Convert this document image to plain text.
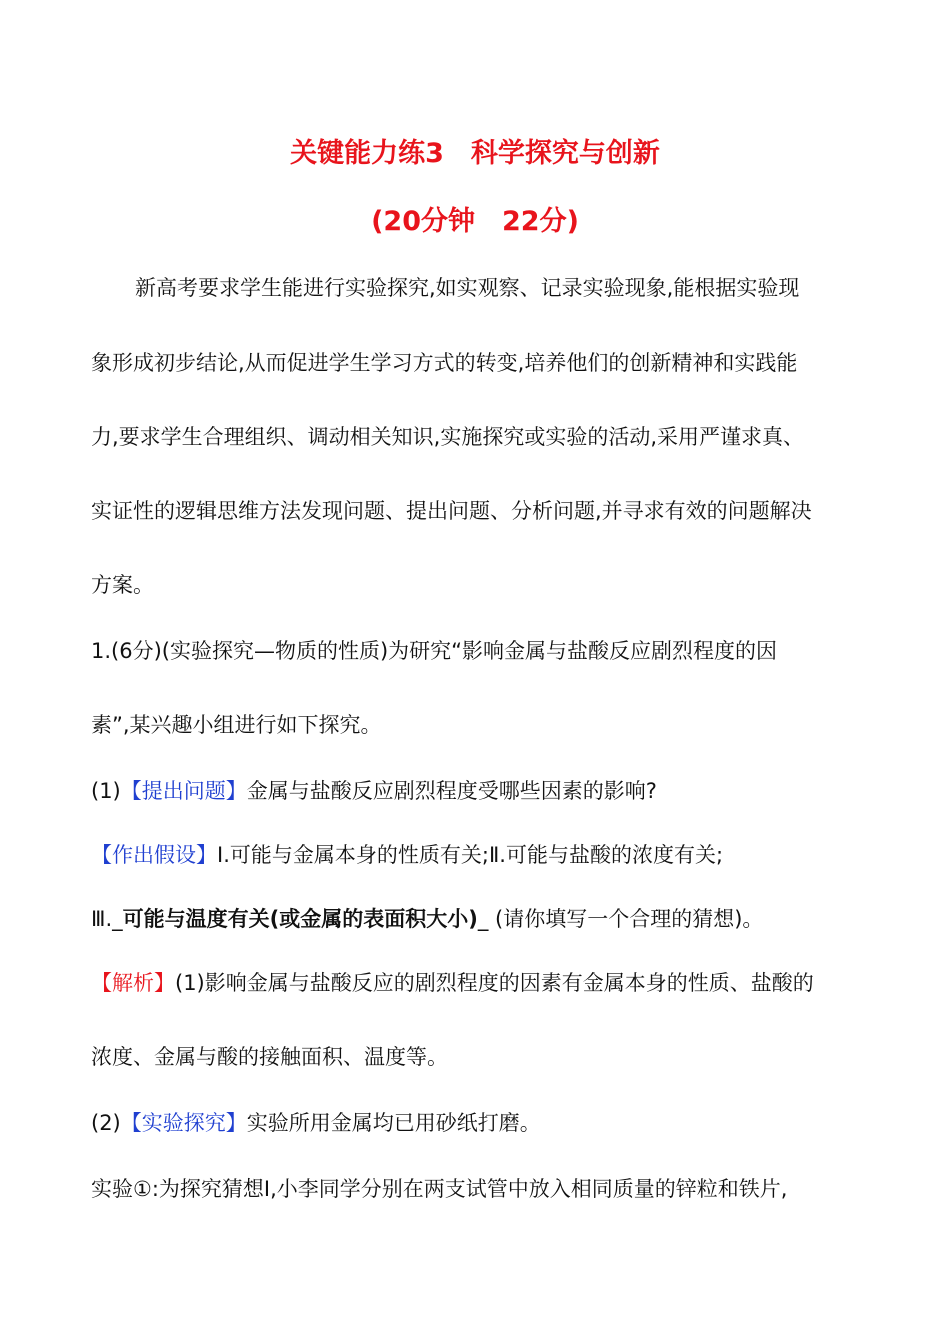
关键能力练3　科学探究与创新
(20分钟　22分)
新高考要求学生能进行实验探究,如实观察、记录实验现象,能根据实验现
象形成初步结论,从而促进学生学习方式的转变,培养他们的创新精神和实践能
力,要求学生合理组织、调动相关知识,实施探究或实验的活动,采用严谨求真、
实证性的逻辑思维方法发现问题、提出问题、分析问题,并寻求有效的问题解决
方案。
1.(6分)(实验探究—物质的性质)为研究“影响金属与盐酸反应剧烈程度的因
素”,某兴趣小组进行如下探究。
(1)【提出问题】金属与盐酸反应剧烈程度受哪些因素的影响?
【作出假设】Ⅰ.可能与金属本身的性质有关;Ⅱ.可能与盐酸的浓度有关;
Ⅲ._可能与温度有关(或金属的表面积大小)_ (请你填写一个合理的猜想)。
【解析】(1)影响金属与盐酸反应的剧烈程度的因素有金属本身的性质、盐酸的
浓度、金属与酸的接触面积、温度等。
(2)【实验探究】实验所用金属均已用砂纸打磨。
实验①:为探究猜想Ⅰ,小李同学分别在两支试管中放入相同质量的锌粒和铁片,
